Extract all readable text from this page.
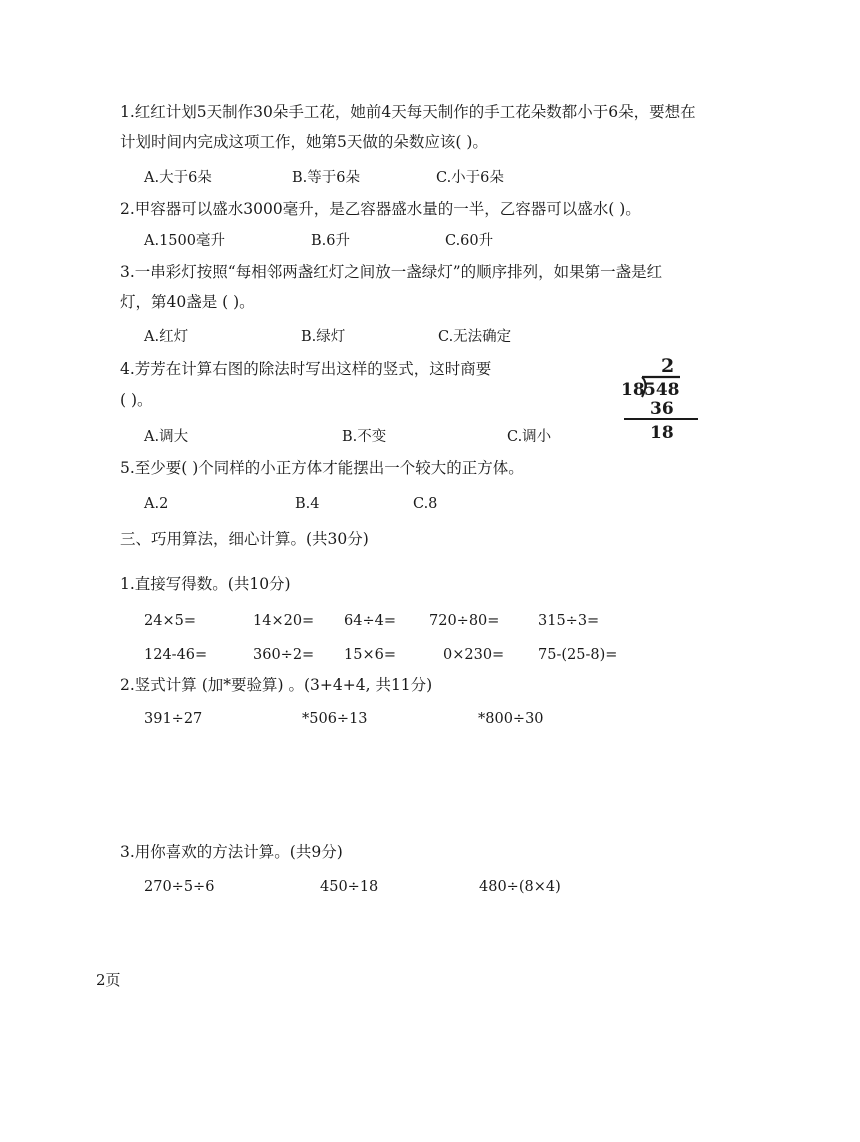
1.红红计划5天制作30朵手工花，她前4天每天制作的手工花朵数都小于6朵，要想在
计划时间内完成这项工作，她第5天做的朵数应该( )。
A.大于6朵	B.等于6朵	C.小于6朵
2.甲容器可以盛水3000毫升，是乙容器盛水量的一半，乙容器可以盛水( )。
A.1500毫升	B.6升	C.60升
3.一串彩灯按照“每相邻两盏红灯之间放一盏绿灯”的顺序排列，如果第一盏是红
灯，第40盏是 ( )。
A.红灯	B.绿灯	C.无法确定
4.芳芳在计算右图的除法时写出这样的竖式，这时商要
( )。
A.调大	B.不变	C.调小
2
18 548
36
18
5.至少要( )个同样的小正方体才能摆出一个较大的正方体。
A.2	B.4	C.8
三、巧用算法，细心计算。(共30分)
1.直接写得数。(共10分)
24×5=	14×20= 64÷4= 720÷80=	315÷3=
124-46=	360÷2= 15×6=	0×230= 75-(25-8)=
2.竖式计算 (加*要验算) 。(3+4+4, 共11分)
391÷27	*506÷13	*800÷30
3.用你喜欢的方法计算。(共9分)
270÷5÷6	450÷18	480÷(8×4)
2页
